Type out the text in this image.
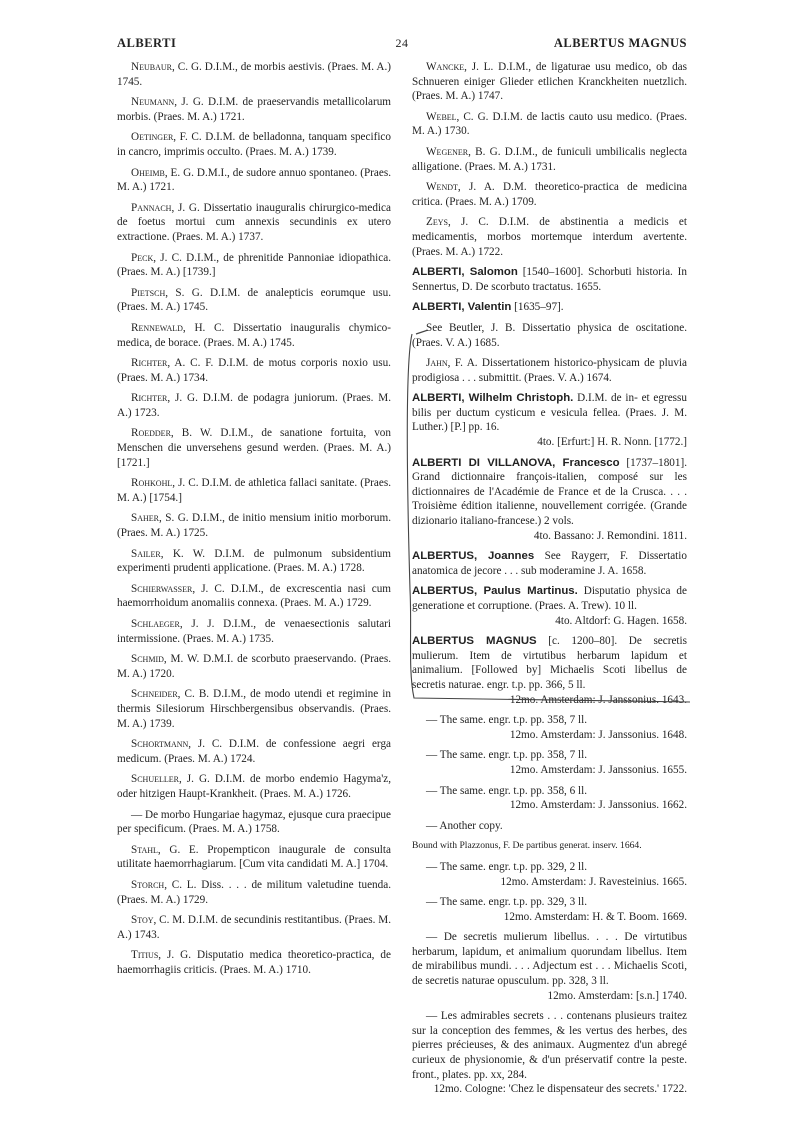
ALBERTI	24	ALBERTUS MAGNUS

Neubaur, C. G. D.I.M., de morbis aestivis. (Praes. M. A.) 1745.

Neumann, J. G. D.I.M. de praeservandis metallicolarum morbis. (Praes. M. A.) 1721.

Oetinger, F. C. D.I.M. de belladonna, tanquam specifico in cancro, imprimis occulto. (Praes. M. A.) 1739.

Oheimb, E. G. D.M.I., de sudore annuo spontaneo. (Praes. M. A.) 1721.

Pannach, J. G. Dissertatio inauguralis chirurgico-medica de foetus mortui cum annexis secundinis ex utero extractione. (Praes. M. A.) 1737.

Peck, J. C. D.I.M., de phrenitide Pannoniae idiopathica. (Praes. M. A.) [1739.]

Pietsch, S. G. D.I.M. de analepticis eorumque usu. (Praes. M. A.) 1745.

Rennewald, H. C. Dissertatio inauguralis chymico-medica, de borace. (Praes. M. A.) 1745.

Richter, A. C. F. D.I.M. de motus corporis noxio usu. (Praes. M. A.) 1734.

Richter, J. G. D.I.M. de podagra juniorum. (Praes. M. A.) 1723.

Roedder, B. W. D.I.M., de sanatione fortuita, von Menschen die unversehens gesund werden. (Praes. M. A.) [1721.]

Rohkohl, J. C. D.I.M. de athletica fallaci sanitate. (Praes. M. A.) [1754.]

Saher, S. G. D.I.M., de initio mensium initio morborum. (Praes. M. A.) 1725.

Sailer, K. W. D.I.M. de pulmonum subsidentium experimenti prudenti applicatione. (Praes. M. A.) 1728.

Schierwasser, J. C. D.I.M., de excrescentia nasi cum haemorrhoidum anomaliis connexa. (Praes. M. A.) 1729.

Schlaeger, J. J. D.I.M., de venaesectionis salutari intermissione. (Praes. M. A.) 1735.

Schmid, M. W. D.M.I. de scorbuto praeservando. (Praes. M. A.) 1720.

Schneider, C. B. D.I.M., de modo utendi et regimine in thermis Silesiorum Hirschbergensibus observandis. (Praes. M. A.) 1739.

Schortmann, J. C. D.I.M. de confessione aegri erga medicum. (Praes. M. A.) 1724.

Schueller, J. G. D.I.M. de morbo endemio Hagyma'z, oder hitzigen Haupt-Krankheit. (Praes. M. A.) 1726.

— De morbo Hungariae hagymaz, ejusque cura praecipue per specificum. (Praes. M. A.) 1758.

Stahl, G. E. Propempticon inaugurale de consulta utilitate haemorrhagiarum. [Cum vita candidati M. A.] 1704.

Storch, C. L. Diss. . . . de militum valetudine tuenda. (Praes. M. A.) 1729.

Stoy, C. M. D.I.M. de secundinis restitantibus. (Praes. M. A.) 1743.

Titius, J. G. Disputatio medica theoretico-practica, de haemorrhagiis criticis. (Praes. M. A.) 1710.

Wancke, J. L. D.I.M., de ligaturae usu medico, ob das Schnueren einiger Glieder etlichen Kranckheiten nuetzlich. (Praes. M. A.) 1747.

Webel, C. G. D.I.M. de lactis cauto usu medico. (Praes. M. A.) 1730.

Wegener, B. G. D.I.M., de funiculi umbilicalis neglecta alligatione. (Praes. M. A.) 1731.

Wendt, J. A. D.M. theoretico-practica de medicina critica. (Praes. M. A.) 1709.

Zeys, J. C. D.I.M. de abstinentia a medicis et medicamentis, morbos mortemque interdum avertente. (Praes. M. A.) 1722.

ALBERTI, Salomon [1540–1600]. Schorbuti historia. In Sennertus, D. De scorbuto tractatus. 1655.

ALBERTI, Valentin [1635–97].

See Beutler, J. B. Dissertatio physica de oscitatione. (Praes. V. A.) 1685.

Jahn, F. A. Dissertationem historico-physicam de pluvia prodigiosa . . . submittit. (Praes. V. A.) 1674.

ALBERTI, Wilhelm Christoph. D.I.M. de in- et egressu bilis per ductum cysticum e vesicula fellea. (Praes. J. M. Luther.) [P.] pp. 16.
4to. [Erfurt:] H. R. Nonn. [1772.]

ALBERTI DI VILLANOVA, Francesco [1737–1801]. Grand dictionnaire françois-italien, composé sur les dictionnaires de l'Académie de France et de la Crusca. . . . Troisième édition italienne, nouvellement corrigée. (Grande dizionario italiano-francese.) 2 vols.
4to. Bassano: J. Remondini. 1811.

ALBERTUS, Joannes See Raygerr, F. Dissertatio anatomica de jecore . . . sub moderamine J. A. 1658.

ALBERTUS, Paulus Martinus. Disputatio physica de generatione et corruptione. (Praes. A. Trew). 10 ll.
4to. Altdorf: G. Hagen. 1658.

ALBERTUS MAGNUS [c. 1200–80]. De secretis mulierum. Item de virtutibus herbarum lapidum et animalium. [Followed by] Michaelis Scoti libellus de secretis naturae. engr. t.p. pp. 366, 5 ll.
12mo. Amsterdam: J. Janssonius. 1643.

— The same. engr. t.p. pp. 358, 7 ll.
12mo. Amsterdam: J. Janssonius. 1648.

— The same. engr. t.p. pp. 358, 7 ll.
12mo. Amsterdam: J. Janssonius. 1655.

— The same. engr. t.p. pp. 358, 6 ll.
12mo. Amsterdam: J. Janssonius. 1662.

— Another copy.

Bound with Plazzonus, F. De partibus generat. inserv. 1664.

— The same. engr. t.p. pp. 329, 2 ll.
12mo. Amsterdam: J. Ravesteinius. 1665.

— The same. engr. t.p. pp. 329, 3 ll.
12mo. Amsterdam: H. & T. Boom. 1669.

— De secretis mulierum libellus. . . . De virtutibus herbarum, lapidum, et animalium quorundam libellus. Item de mirabilibus mundi. . . . Adjectum est . . . Michaelis Scoti, de secretis naturae opusculum. pp. 328, 3 ll.
12mo. Amsterdam: [s.n.] 1740.

— Les admirables secrets . . . contenans plusieurs traitez sur la conception des femmes, & les vertus des herbes, des pierres précieuses, & des animaux. Augmentez d'un abregé curieux de physionomie, & d'un préservatif contre la peste. front., plates. pp. xx, 284.
12mo. Cologne: 'Chez le dispensateur des secrets.' 1722.
